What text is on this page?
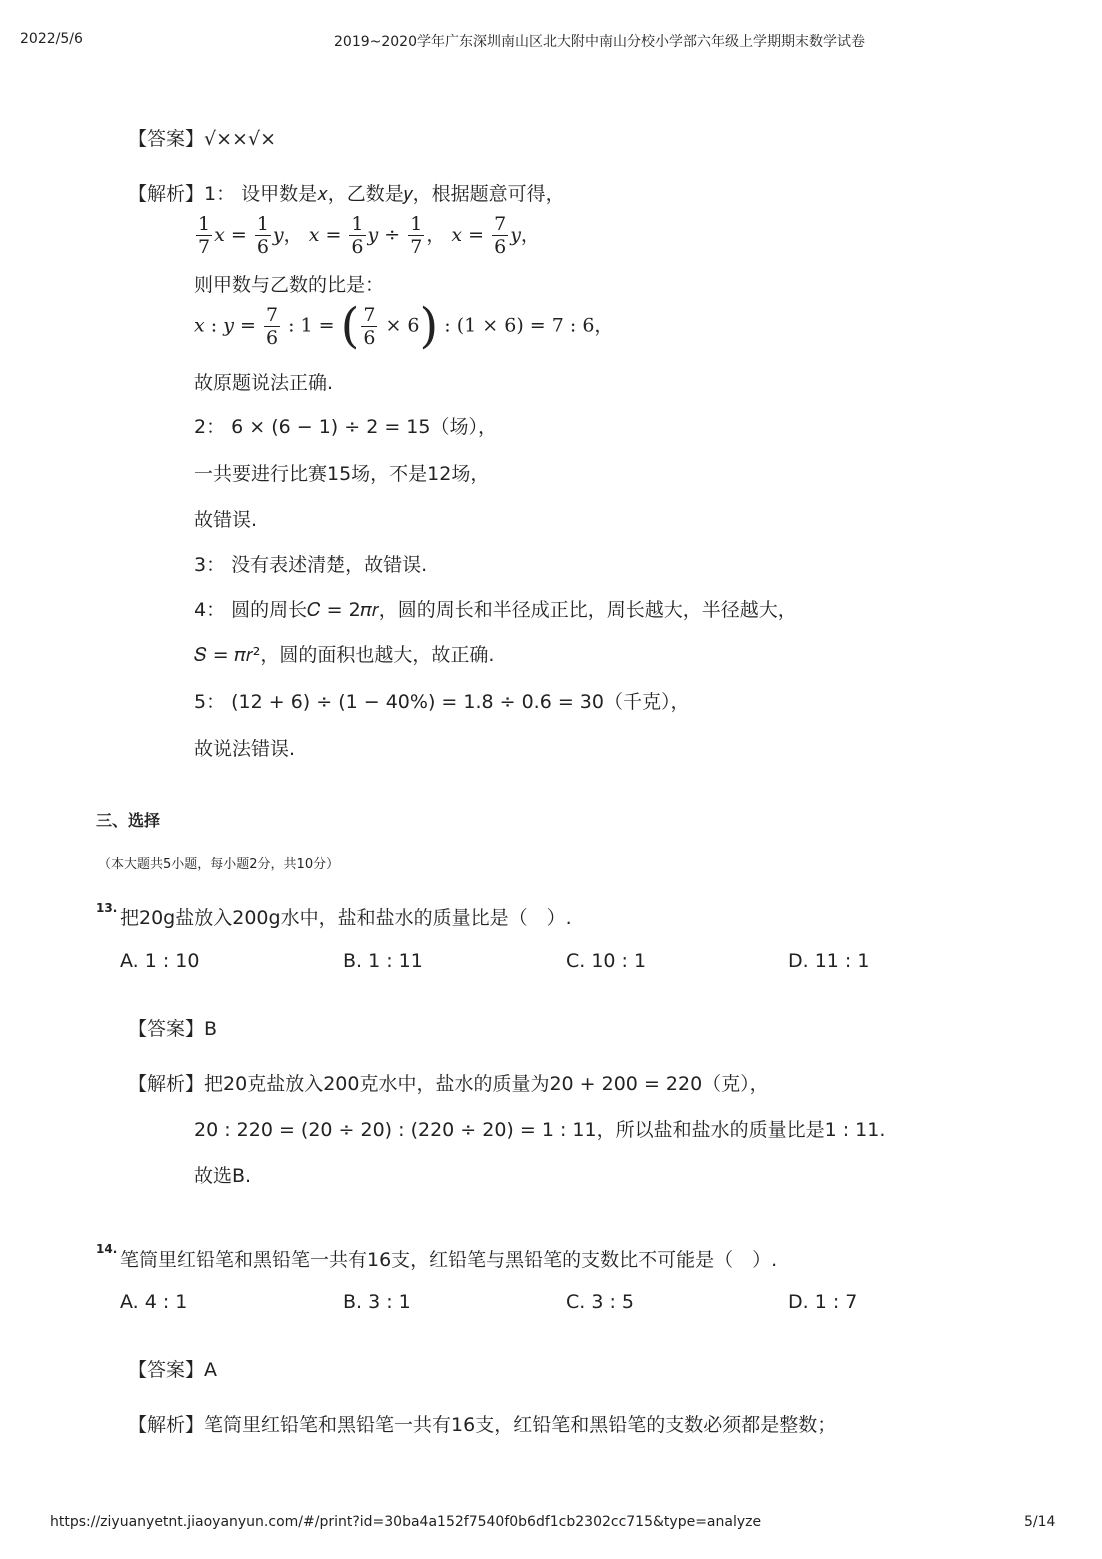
2022/5/6	2019~2020学年广东深圳南山区北大附中南山分校小学部六年级上学期期末数学试卷
【答案】√××√×
【解析】1： 设甲数是𝑥，乙数是𝑦，根据题意可得，
$\frac{1}{7}$ $x = \frac{1}{6}$ y， $x = \frac{1}{6}$ $y \div \frac{1}{7}$ ， $x = \frac{7}{6}$ y，
则甲数与乙数的比是：
x : $y = \frac{7}{6}$ : 1 = ( $\frac{7}{6} \times 6$) : (1 × 6) = 7 : 6，
故原题说法正确.
2： 6 × (6 − 1) ÷ 2 = 15（场），
一共要进行比赛15场，不是12场，
故错误.
3： 没有表述清楚，故错误.
4： 圆的周长𝐶 = 2𝜋𝑟，圆的周长和半径成正比，周长越大，半径越大，
𝑆 = 𝜋𝑟²，圆的面积也越大，故正确.
5： (12 + 6) ÷ (1 − 40%) = 1.8 ÷ 0.6 = 30（千克），
故说法错误.
三、选择
（本大题共5小题，每小题2分，共10分）
13. 把20g盐放入200g水中，盐和盐水的质量比是（　）.
A. 1 : 10	B. 1 : 11	C. 10 : 1	D. 11 : 1
【答案】B
【解析】把20克盐放入200克水中，盐水的质量为20 + 200 = 220（克），
20 : 220 = (20 ÷ 20) : (220 ÷ 20) = 1 : 11，所以盐和盐水的质量比是1 : 11.
故选B.
14. 笔筒里红铅笔和黑铅笔一共有16支，红铅笔与黑铅笔的支数比不可能是（　）.
A. 4 : 1	B. 3 : 1	C. 3 : 5	D. 1 : 7
【答案】A
【解析】笔筒里红铅笔和黑铅笔一共有16支，红铅笔和黑铅笔的支数必须都是整数；
https://ziyuanyetnt.jiaoyanyun.com/#/print?id=30ba4a152f7540f0b6df1cb2302cc715&type=analyze	5/14
